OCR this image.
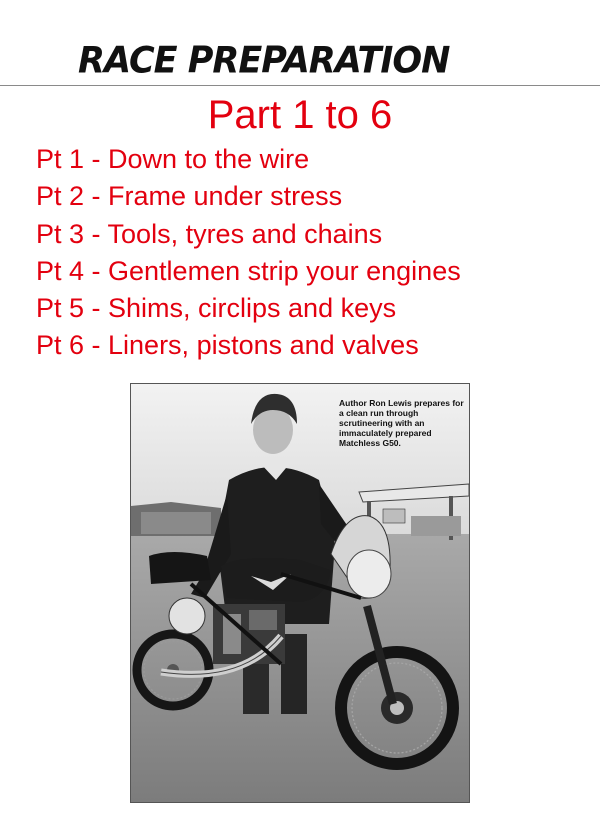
RACE PREPARATION
Part 1 to 6
Pt 1 - Down to the wire
Pt 2 - Frame under stress
Pt 3 - Tools, tyres and chains
Pt 4 - Gentlemen strip your engines
Pt 5 - Shims, circlips and keys
Pt 6 - Liners, pistons and valves
Author Ron Lewis prepares for a clean run through scrutineering with an immaculately prepared Matchless G50.
